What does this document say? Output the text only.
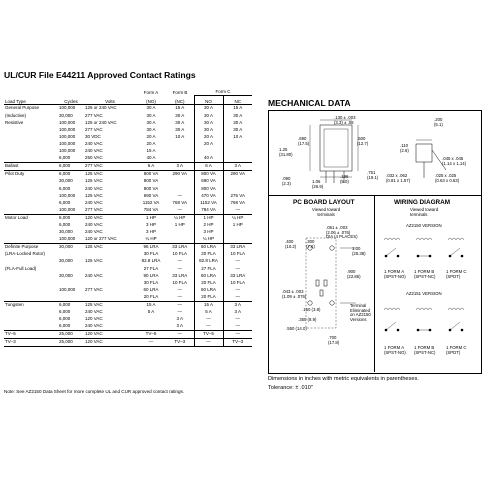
UL/CUR File E44211 Approved Contact Ratings
Load Type	Cycles	Volts	Form A	Form B	Form C	
			(NO)	(NC)	NO	NC
General Purpose	100,000	125 or 240 VAC	30 A	15 A	30 A	15 A
(Inductive)	30,000	277 VAC	30 A	30 A	30 A	30 A
Resistive	100,000	125 or 240 VAC	30 A	30 A	30 A	30 A
	100,000	277 VAC	30 A	30 A	30 A	30 A
	100,000	30 VDC	20 A	10 A	20 A	10 A
	100,000	240 VAC	20 A		20 A	
	100,000	240 VAC	15 A			
	6,000	250 VAC	40 A		40 A	
Ballast	6,000	277 VAC	6 A	3 A	6 A	3 A
Pilot Duty	6,000	125 VAC	800 VA	290 VA	800 VA	290 VA
	30,000	125 VAC	800 VA		690 VA	
	6,000	240 VAC	800 VA		800 VA	
	100,000	125 VAC	690 VA	—	470 VA	275 VA
	6,000	240 VAC	1152 VA	768 VA	1152 VA	768 VA
	100,000	277 VAC	784 VA	—	784 VA	—
Motor Load	6,000	120 VAC	1 HP	¼ HP	1 HP	¼ HP
	6,000	240 VAC	3 HP	1 HP	2 HP	1 HP
	30,000	240 VAC	3 HP		3 HP	
	100,000	120 or 277 VAC	¼ HP		¼ HP	
Definite Purpose	30,000	125 VAC	96 LRA	33 LRA	60 LRA	33 LRA
(LRA-Locked Rotor)			30 FLA	10 FLA	20 FLA	10 FLA
	30,000	125 VAC	82.8 LRA	—	82.8 LRA	—
(FLA-Full Load)			27 FLA	—	27 FLA	—
	30,000	240 VAC	90 LRA	33 LRA	60 LRA	33 LRA
			30 FLA	10 FLA	20 FLA	10 FLA
	100,000	277 VAC	60 LRA	—	60 LRA	—
			20 FLA	—	20 FLA	—
Tungsten	6,000	125 VAC	15 A	—	15 A	3 A
	6,000	240 VAC	5 A	—	5 A	3 A
	6,000	120 VAC		3 A	—	—
	6,000	240 VAC		3 A	—	—
TV–5	25,000	120 VAC	TV–5	—	TV–5	—
TV–3	25,000	120 VAC	—	TV–3	—	TV–3
Note: See AZ2150 Data Sheet for more complete UL and CUR approved contact ratings.
MECHANICAL DATA
.130 ± .003
(3.3) ± .08
.690
(17.5)
.500
(12.7)
1.25
(31.80)
.090
(2.3)	1.06
(26.9)
.196
(5.0)
.751
(19.1)
.200
(5.1)
.110
(2.8)
.045 x .045
(1.14 x 1.14)
.032 x .062
(0.81 x 1.57)
.025 x .025
(0.63 x 0.63)
PC BOARD LAYOUT
Viewed toward
terminals
.061 ± .003
(2.06 ± .076)
DIA (4 PLACES)
.400
(10.2)
.300
(7.6)	1.00
(25.38)
.900
(22.86)
.043 ± .003
(1.09 ± .076)
.150 (3.8)
.350 (8.9)
.550 (14.0)
.700
(17.8)
Terminal
Eliminated
on AZ2150
Versions
WIRING DIAGRAM
Viewed toward
terminals
AZ2150 VERSION
1 FORM A
(SPST-NO)
1 FORM B
(SPST-NC)
1 FORM C
(SPDT)
AZ2151 VERSION
1 FORM A
(SPST-NO)
1 FORM B
(SPST-NC)
1 FORM C
(SPDT)
Dimensions in inches with metric equivalents in parentheses.
Tolerance: ± .010"
